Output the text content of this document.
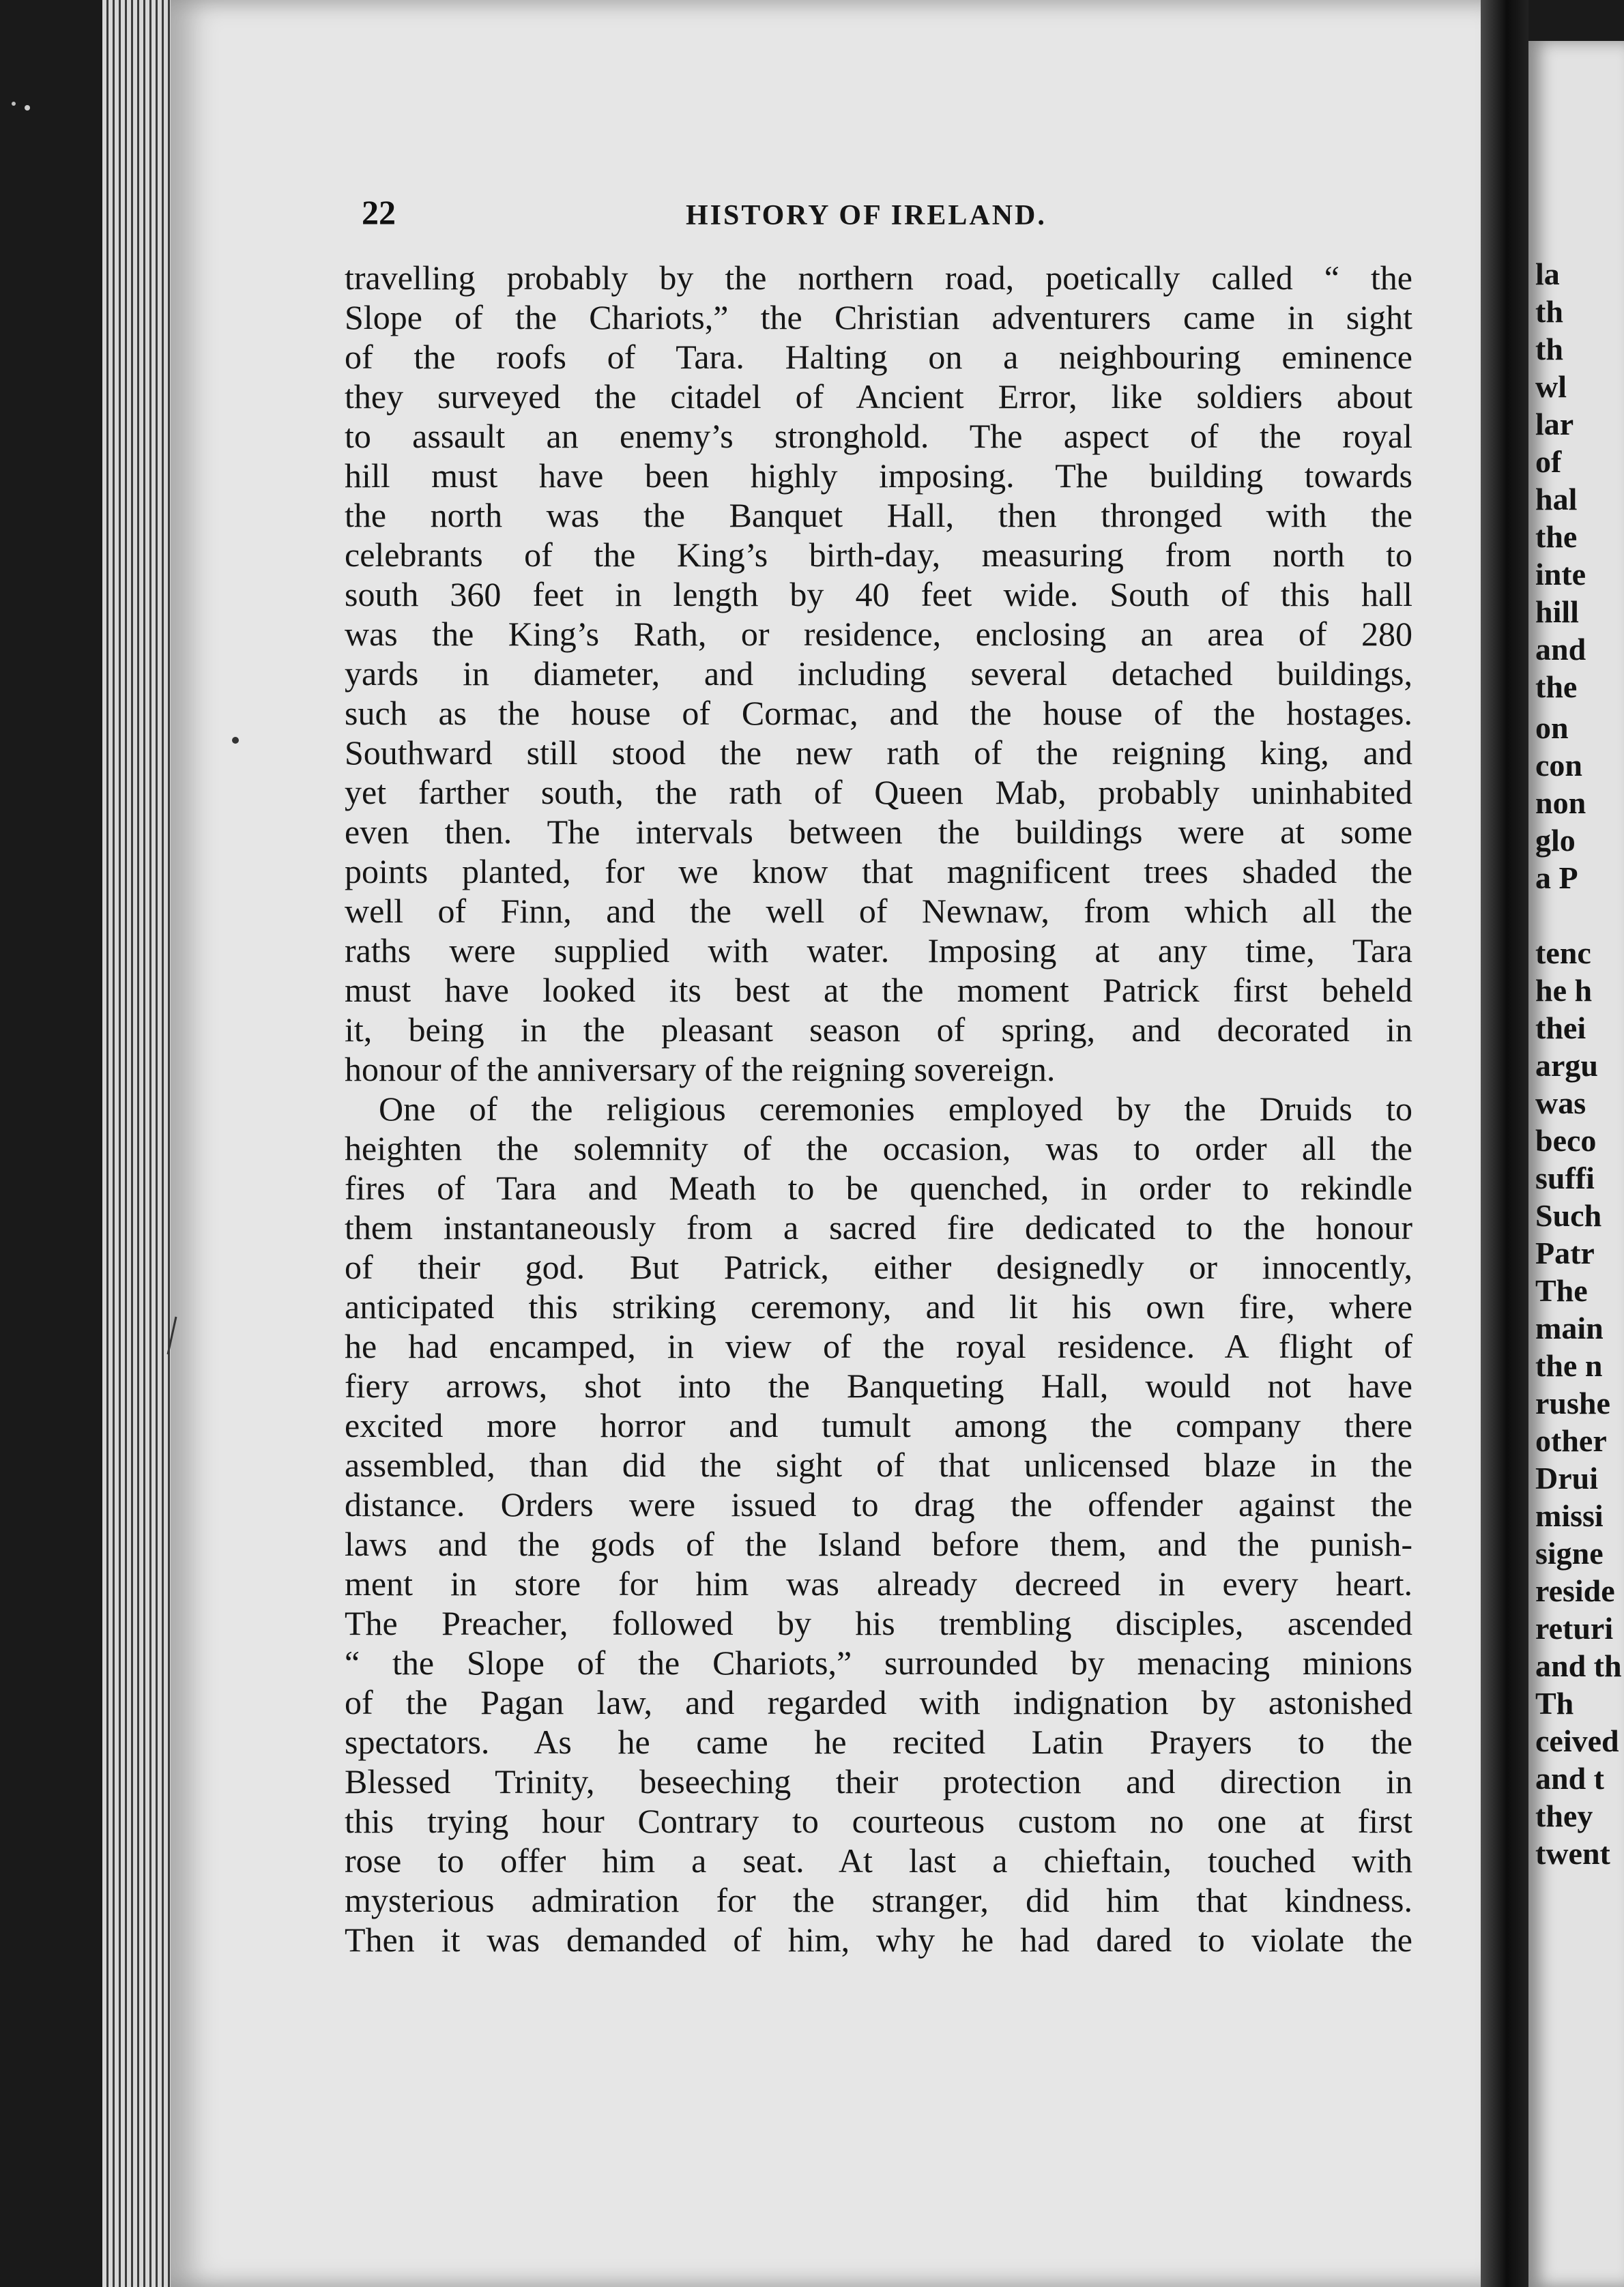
22	HISTORY OF IRELAND.
travelling probably by the northern road, poetically called “ the
Slope of the Chariots,” the Christian adventurers came in sight
of the roofs of Tara. Halting on a neighbouring eminence
they surveyed the citadel of Ancient Error, like soldiers about
to assault an enemy’s stronghold. The aspect of the royal
hill must have been highly imposing. The building towards
the north was the Banquet Hall, then thronged with the
celebrants of the King’s birth-day, measuring from north to
south 360 feet in length by 40 feet wide. South of this hall
was the King’s Rath, or residence, enclosing an area of 280
yards in diameter, and including several detached buildings,
such as the house of Cormac, and the house of the hostages.
Southward still stood the new rath of the reigning king, and
yet farther south, the rath of Queen Mab, probably uninhabited
even then. The intervals between the buildings were at some
points planted, for we know that magnificent trees shaded the
well of Finn, and the well of Newnaw, from which all the
raths were supplied with water. Imposing at any time, Tara
must have looked its best at the moment Patrick first beheld
it, being in the pleasant season of spring, and decorated in
honour of the anniversary of the reigning sovereign.
One of the religious ceremonies employed by the Druids to
heighten the solemnity of the occasion, was to order all the
fires of Tara and Meath to be quenched, in order to rekindle
them instantaneously from a sacred fire dedicated to the honour
of their god. But Patrick, either designedly or innocently,
anticipated this striking ceremony, and lit his own fire, where
he had encamped, in view of the royal residence. A flight of
fiery arrows, shot into the Banqueting Hall, would not have
excited more horror and tumult among the company there
assembled, than did the sight of that unlicensed blaze in the
distance. Orders were issued to drag the offender against the
laws and the gods of the Island before them, and the punish-
ment in store for him was already decreed in every heart.
The Preacher, followed by his trembling disciples, ascended
“ the Slope of the Chariots,” surrounded by menacing minions
of the Pagan law, and regarded with indignation by astonished
spectators. As he came he recited Latin Prayers to the
Blessed Trinity, beseeching their protection and direction in
this trying hour Contrary to courteous custom no one at first
rose to offer him a seat. At last a chieftain, touched with
mysterious admiration for the stranger, did him that kindness.
Then it was demanded of him, why he had dared to violate the
la
th
th
wl
lar
of
hal
the
inte
hill
and
the
on
con
non
glo
a P
tenc
he h
thei
argu
was
beco
suffi
Such
Patr
The
main
the n
rushe
other
Drui
missi
signe
reside
returi
and th
Th
ceived
and t
they
twent
